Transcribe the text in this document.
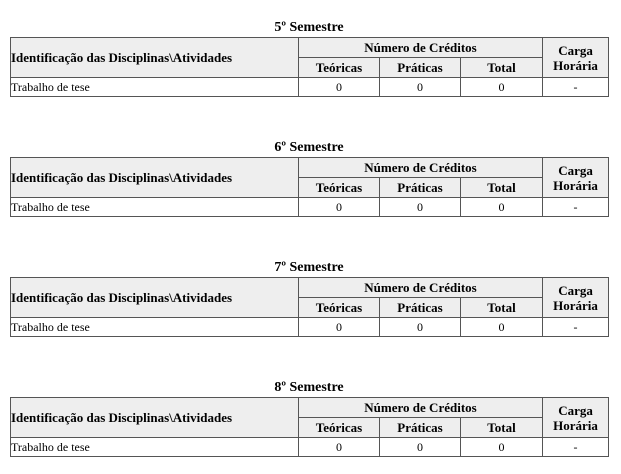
5º Semestre
Identificação das Disciplinas\Atividades	Número de Créditos			Carga
Horária
	Teóricas	Práticas	Total	
Trabalho de tese	0	0	0	-
6º Semestre
Identificação das Disciplinas\Atividades	Número de Créditos			Carga
Horária
	Teóricas	Práticas	Total	
Trabalho de tese	0	0	0	-
7º Semestre
Identificação das Disciplinas\Atividades	Número de Créditos			Carga
Horária
	Teóricas	Práticas	Total	
Trabalho de tese	0	0	0	-
8º Semestre
Identificação das Disciplinas\Atividades	Número de Créditos			Carga
Horária
	Teóricas	Práticas	Total	
Trabalho de tese	0	0	0	-
